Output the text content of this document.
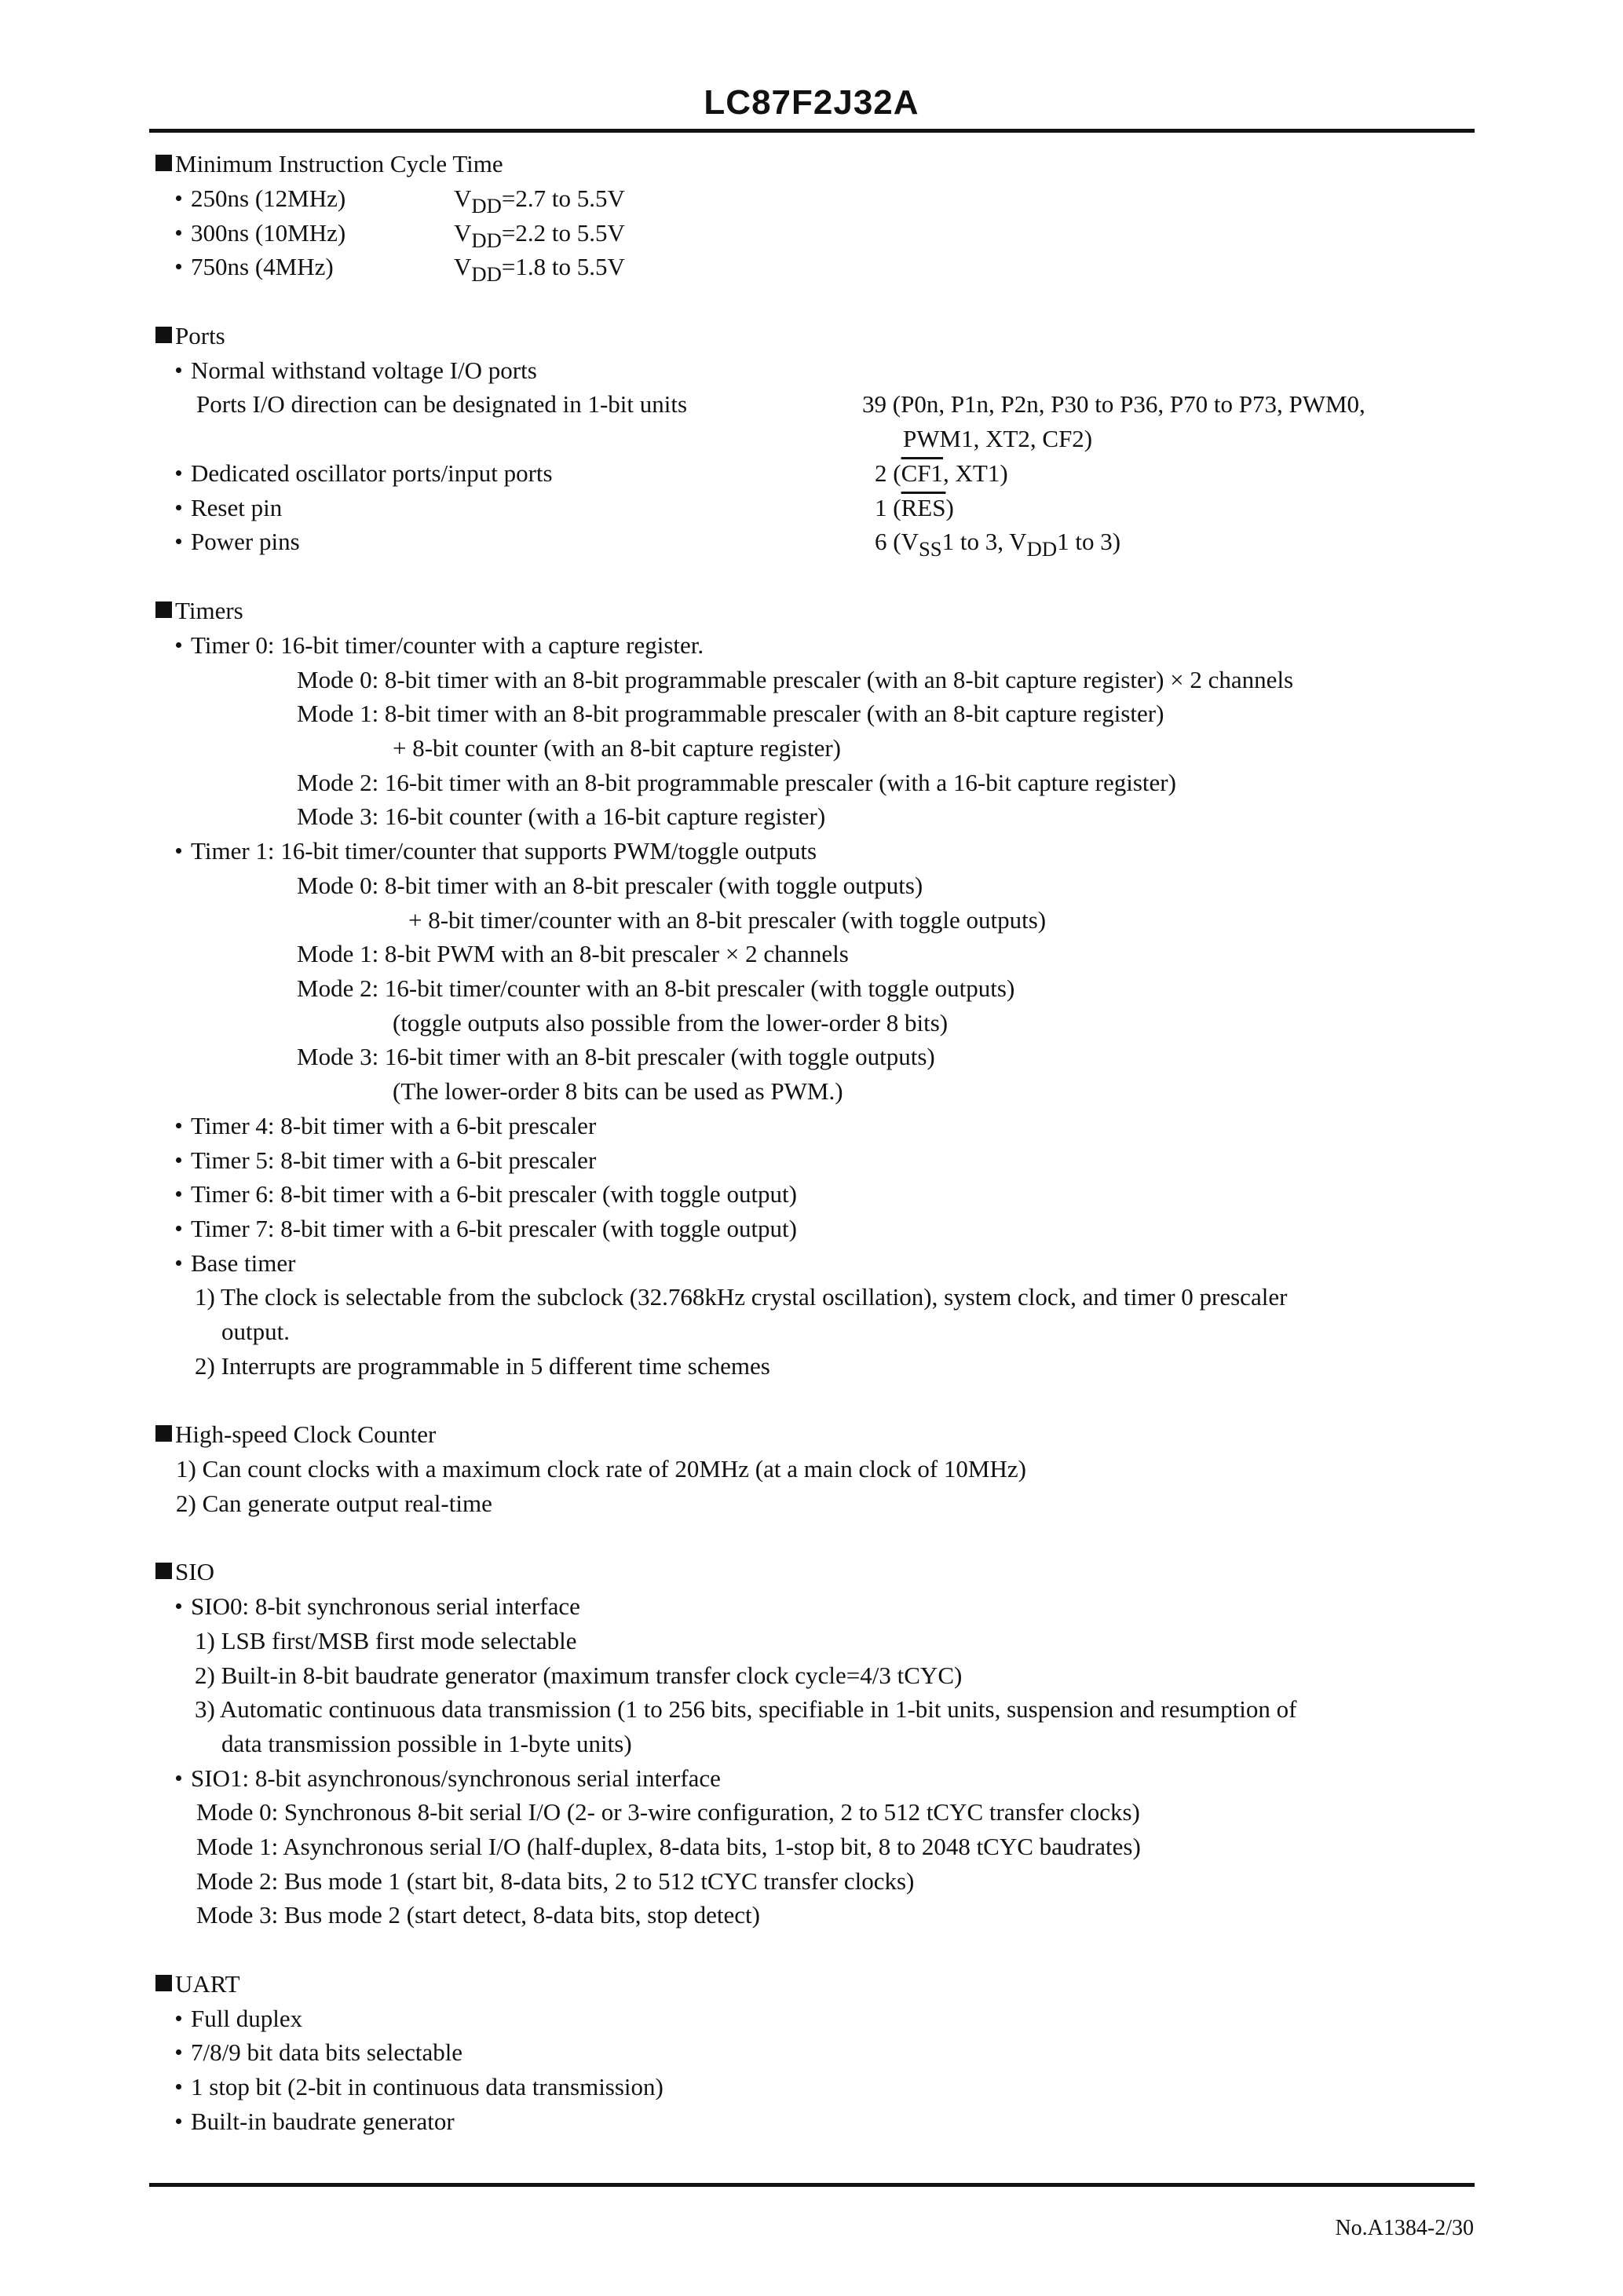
LC87F2J32A
Minimum Instruction Cycle Time
250ns (12MHz)	VDD=2.7 to 5.5V
300ns (10MHz)	VDD=2.2 to 5.5V
750ns (4MHz)	VDD=1.8 to 5.5V
Ports
Normal withstand voltage I/O ports
Ports I/O direction can be designated in 1-bit units	39 (P0n, P1n, P2n, P30 to P36, P70 to P73, PWM0,
PWM1, XT2, CF2)
Dedicated oscillator ports/input ports	2 (CF1, XT1)
Reset pin	1 $(\overline{RES})$
Power pins	6 (VSS1 to 3, VDD1 to 3)
Timers
Timer 0: 16-bit timer/counter with a capture register.
Mode 0: 8-bit timer with an 8-bit programmable prescaler (with an 8-bit capture register) × 2 channels
Mode 1: 8-bit timer with an 8-bit programmable prescaler (with an 8-bit capture register)
+ 8-bit counter (with an 8-bit capture register)
Mode 2: 16-bit timer with an 8-bit programmable prescaler (with a 16-bit capture register)
Mode 3: 16-bit counter (with a 16-bit capture register)
Timer 1: 16-bit timer/counter that supports PWM/toggle outputs
Mode 0: 8-bit timer with an 8-bit prescaler (with toggle outputs)
+ 8-bit timer/counter with an 8-bit prescaler (with toggle outputs)
Mode 1: 8-bit PWM with an 8-bit prescaler × 2 channels
Mode 2: 16-bit timer/counter with an 8-bit prescaler (with toggle outputs)
(toggle outputs also possible from the lower-order 8 bits)
Mode 3: 16-bit timer with an 8-bit prescaler (with toggle outputs)
(The lower-order 8 bits can be used as PWM.)
Timer 4: 8-bit timer with a 6-bit prescaler
Timer 5: 8-bit timer with a 6-bit prescaler
Timer 6: 8-bit timer with a 6-bit prescaler (with toggle output)
Timer 7: 8-bit timer with a 6-bit prescaler (with toggle output)
Base timer
1) The clock is selectable from the subclock (32.768kHz crystal oscillation), system clock, and timer 0 prescaler
output.
2) Interrupts are programmable in 5 different time schemes
High-speed Clock Counter
1) Can count clocks with a maximum clock rate of 20MHz (at a main clock of 10MHz)
2) Can generate output real-time
SIO
SIO0: 8-bit synchronous serial interface
1) LSB first/MSB first mode selectable
2) Built-in 8-bit baudrate generator (maximum transfer clock cycle=4/3 tCYC)
3) Automatic continuous data transmission (1 to 256 bits, specifiable in 1-bit units, suspension and resumption of
data transmission possible in 1-byte units)
SIO1: 8-bit asynchronous/synchronous serial interface
Mode 0: Synchronous 8-bit serial I/O (2- or 3-wire configuration, 2 to 512 tCYC transfer clocks)
Mode 1: Asynchronous serial I/O (half-duplex, 8-data bits, 1-stop bit, 8 to 2048 tCYC baudrates)
Mode 2: Bus mode 1 (start bit, 8-data bits, 2 to 512 tCYC transfer clocks)
Mode 3: Bus mode 2 (start detect, 8-data bits, stop detect)
UART
Full duplex
7/8/9 bit data bits selectable
1 stop bit (2-bit in continuous data transmission)
Built-in baudrate generator
No.A1384-2/30
